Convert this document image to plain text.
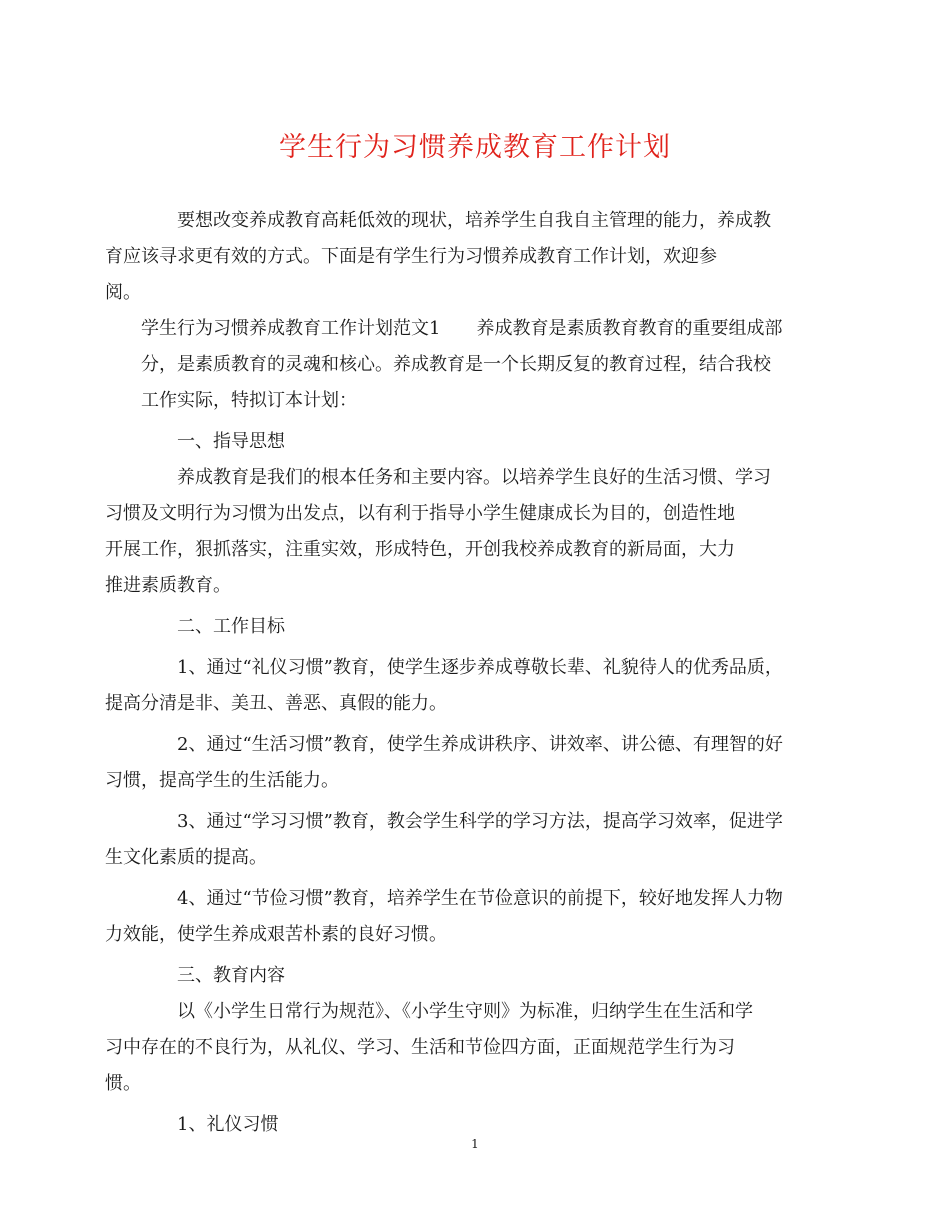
学生行为习惯养成教育工作计划

要想改变养成教育高耗低效的现状，培养学生自我自主管理的能力，养成教
育应该寻求更有效的方式。下面是有学生行为习惯养成教育工作计划，欢迎参
阅。

学生行为习惯养成教育工作计划范文1　　养成教育是素质教育教育的重要组成部
分，是素质教育的灵魂和核心。养成教育是一个长期反复的教育过程，结合我校
工作实际，特拟订本计划：

一、指导思想

养成教育是我们的根本任务和主要内容。以培养学生良好的生活习惯、学习
习惯及文明行为习惯为出发点，以有利于指导小学生健康成长为目的，创造性地
开展工作，狠抓落实，注重实效，形成特色，开创我校养成教育的新局面，大力
推进素质教育。

二、工作目标

1、通过“礼仪习惯”教育，使学生逐步养成尊敬长辈、礼貌待人的优秀品质，
提高分清是非、美丑、善恶、真假的能力。

2、通过“生活习惯”教育，使学生养成讲秩序、讲效率、讲公德、有理智的好
习惯，提高学生的生活能力。

3、通过“学习习惯”教育，教会学生科学的学习方法，提高学习效率，促进学
生文化素质的提高。

4、通过“节俭习惯”教育，培养学生在节俭意识的前提下，较好地发挥人力物
力效能，使学生养成艰苦朴素的良好习惯。

三、教育内容

以《小学生日常行为规范》、《小学生守则》为标准，归纳学生在生活和学
习中存在的不良行为，从礼仪、学习、生活和节俭四方面，正面规范学生行为习
惯。

1、礼仪习惯

1
